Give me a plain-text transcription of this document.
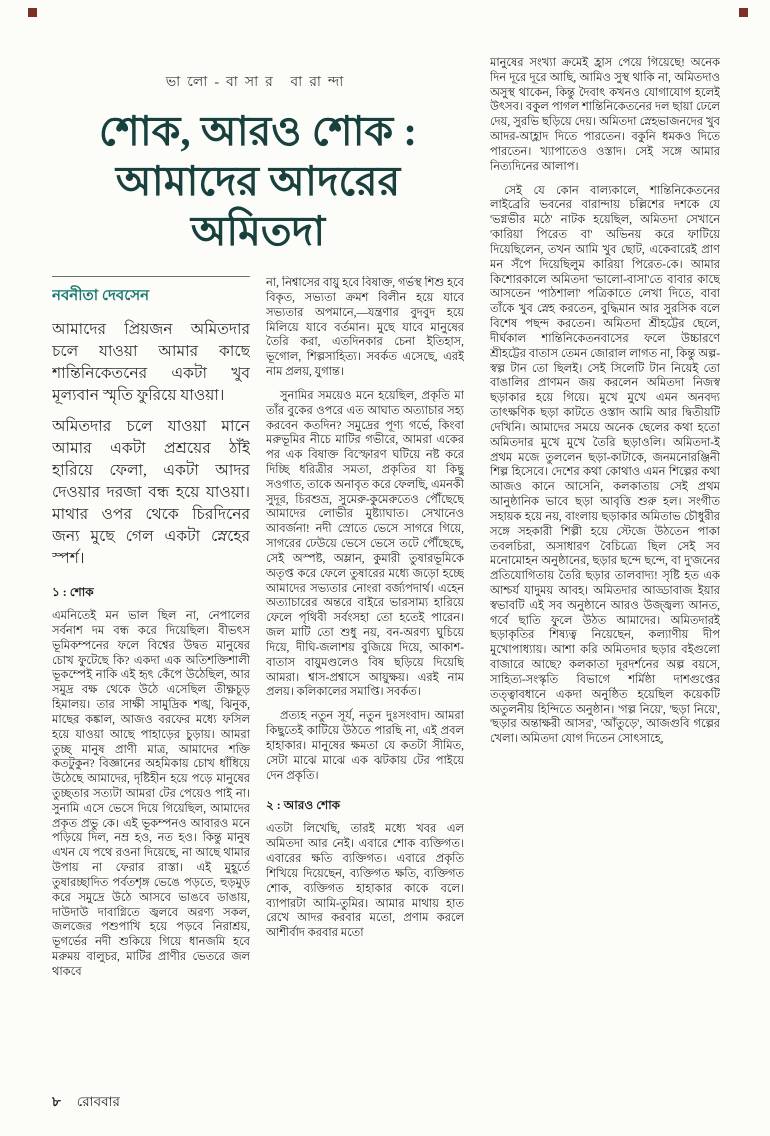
ভালো-বাসার বারান্দা
শোক, আরও শোক :
আমাদের আদরের
অমিতদা
নবনীতা দেবসেন

আমাদের প্রিয়জন অমিতদার চলে যাওয়া আমার কাছে শান্তিনিকেতনের একটা খুব মূল্যবান স্মৃতি ফুরিয়ে যাওয়া।

অমিতদার চলে যাওয়া মানে আমার একটা প্রশ্রয়ের ঠাঁই হারিয়ে ফেলা, একটা আদর দেওয়ার দরজা বন্ধ হয়ে যাওয়া। মাথার ওপর থেকে চিরদিনের জন্য মুছে গেল একটা স্নেহের স্পর্শ।

১ : শোক

এমনিতেই মন ভাল ছিল না, নেপালের সর্বনাশ দম বন্ধ করে দিয়েছিল। বীভৎস ভূমিকম্পনের ফলে বিশ্বের উদ্বত মানুষের চোখ ফুটেছে কি? একদা এক অতিশক্তিশালী ভূকম্পেই নাকি এই হৃৎ কেঁপে উঠেছিল, আর সমুদ্র বক্ষ থেকে উঠে এসেছিল তীক্ষ্ণচূড় হিমালয়। তার সাক্ষী সামুদ্রিক শঙ্খ, ঝিনুক, মাছের কঙ্কাল, আজও বরফের মধ্যে ফসিল হয়ে যাওয়া আছে পাহাড়ের চুড়ায়। আমরা তুচ্ছ মানুষ প্রাণী মাত্র, আমাদের শক্তি কতটুকুন? বিজ্ঞানের অহমিকায় চোখ ধাঁধিয়ে উঠেছে আমাদের, দৃষ্টিহীন হয়ে পড়ে মানুষের তুচ্ছতার সত্যটা আমরা টের পেয়েও পাই না। সুনামি এসে ভেসে দিয়ে গিয়েছিল, আমাদের প্রকৃত প্রভু কে। এই ভূকম্পনও আবারও মনে পড়িয়ে দিল, নম্র হও, নত হও। কিন্তু মানুষ এখন যে পথে রওনা দিয়েছে, না আছে থামার উপায় না ফেরার রাস্তা। এই মুহূর্তে তুষারচ্ছাদিত পর্বতশৃঙ্গ ভেঙে পড়তে, হুড়মুড় করে সমুদ্রে উঠে আসবে ভাঙবে ডাঙায়, দাউদাউ দাবাগ্নিতে জ্বলবে অরণ্য সকল, জলজের পশুপাখি হয়ে পড়বে নিরাশ্রয়, ভূগর্ভের নদী শুকিয়ে গিয়ে ধানজমি হবে মরুময় বালুচর, মাটির প্রাণীর ভেতরে জল থাকবে

না, নিশ্বাসের বায়ু হবে বিষাক্ত, গর্ভস্থ শিশু হবে বিকৃত, সভ্যতা ক্রমশ বিলীন হয়ে যাবে সভ্যতার অপমানে,—যন্ত্রণার বুদবুদ হয়ে মিলিয়ে যাবে বর্তমান। মুছে যাবে মানুষের তৈরি করা, এতদিনকার চেনা ইতিহাস, ভূগোল, শিল্পসাহিত্য। সবর্কত এসেছে, এরই নাম প্রলয়, যুগান্ত।

সুনামির সময়েও মনে হয়েছিল, প্রকৃতি মা তাঁর বুকের ওপরে এত আঘাত অত্যাচার সহ্য করবেন কতদিন? সমুদ্রের পূণ্য গর্ভে, কিংবা মরুভূমির নীচে মাটির গভীরে, আমরা একের পর এক বিষাক্ত বিস্ফোরণ ঘটিয়ে নষ্ট করে দিচ্ছি ধরিত্রীর সমতা, প্রকৃতির যা কিছু সওগাত, তাকে অনাবৃত করে ফেলছি, এমনকী সুদূর, চিরশুভ্র, সুমেরু-কুমেরুতেও পৌঁছেছে আমাদের লোভীর মুষ্ট্যাঘাত। সেখানেও আবর্জনা! নদী স্রোতে ভেসে সাগরে গিয়ে, সাগরের ঢেউয়ে ভেসে ভেসে তটে পৌঁছেছে, সেই অস্পষ্ট, অম্লান, কুমারী তুষারভূমিকে অতৃপ্ত করে ফেলে তুষারের মধ্যে জড়ো হচ্ছে আমাদের সভ্যতার নোংরা বর্জ্যপদার্থ। এহেন অত্যাচারের অন্তরে বাইরে ভারসাম্য হারিয়ে ফেলে পৃথিবী সর্বংসহা তো হতেই পারেন। জল মাটি তো শুধু নয়, বন-অরণ্য ঘুচিয়ে দিয়ে, দীঘি-জলাশয় বুজিয়ে দিয়ে, আকাশ-বাতাস বায়ুমণ্ডলেও বিষ ছড়িয়ে দিয়েছি আমরা। শ্বাস-প্রশ্বাসে আয়ুক্ষয়। এরই নাম প্রলয়। কলিকালের সমাপ্তি। সবর্কত।

প্রত্যহ নতুন সূর্য, নতুন দুঃসংবাদ। আমরা কিছুতেই কাটিয়ে উঠতে পারছি না, এই প্রবল হাহাকার। মানুষের ক্ষমতা যে কতটা সীমিত, সেটা মাঝে মাঝে এক ঝটকায় টের পাইয়ে দেন প্রকৃতি।

২ : আরও শোক

এতটা লিখেছি, তারই মধ্যে খবর এল অমিতদা আর নেই। এবারে শোক ব্যক্তিগত। এবারের ক্ষতি ব্যক্তিগত। এবারে প্রকৃতি শিখিয়ে দিয়েছেন, ব্যক্তিগত ক্ষতি, ব্যক্তিগত শোক, ব্যক্তিগত হাহাকার কাকে বলে। ব্যাপারটা আমি-তুমির। আমার মাথায় হাত রেখে আদর করবার মতো, প্রণাম করলে আশীর্বাদ করবার মতো

মানুষের সংখ্যা ক্রমেই হ্রাস পেয়ে গিয়েছে! অনেক দিন দূরে দূরে আছি, আমিও সুস্থ থাকি না, অমিতদাও অসুস্থ থাকেন, কিন্তু দৈবাৎ কখনও যোগাযোগ হলেই উৎসব। বকুল পাগল শান্তিনিকেতনের দল ছায়া ঢেলে দেয়, সুরভি ছড়িয়ে দেয়। অমিতদা স্নেহভাজনদের খুব আদর-আহ্লাদ দিতে পারতেন। বকুনি ধমকও দিতে পারতেন। খ্যাপাতেও ওস্তাদ। সেই সঙ্গে আমার নিত্যদিনের আলাপ।

সেই যে কোন বাল্যকালে, শান্তিনিকেতনের লাইব্রেরি ভবনের বারান্দায় চল্লিশের দশকে যে 'ভগ্নভীর মঠে' নাটক হয়েছিল, অমিতদা সেখানে 'কারিয়া পিরেত বা' অভিনয় করে ফাটিয়ে দিয়েছিলেন, তখন আমি খুব ছোট, একেবারেই প্রাণ মন সঁপে দিয়েছিলুম কারিয়া পিরেত-কে। আমার কিশোরকালে অমিতদা 'ভালো-বাসা'তে বাবার কাছে আসতেন 'পাঠশালা' পত্রিকাতে লেখা দিতে, বাবা তাঁকে খুব স্নেহ করতেন, বুদ্ধিমান আর সুরসিক বলে বিশেষ পছন্দ করতেন। অমিতদা শ্রীহট্টের ছেলে, দীর্ঘকাল শান্তিনিকেতনবাসের ফলে উচ্চারণে শ্রীহট্টের বাতাস তেমন জোরাল লাগত না, কিন্তু অল্প-স্বল্প টান তো ছিলই। সেই সিলেটি টান নিয়েই তো বাঙালির প্রাণমন জয় করলেন অমিতদা নিজস্ব ছড়াকার হয়ে গিয়ে। মুখে মুখে এমন অনবদ্য তাৎক্ষণিক ছড়া কাটতে ওস্তাদ আমি আর দ্বিতীয়টি দেখিনি। আমাদের সময়ে অনেক ছেলের কথা হতো অমিতদার মুখে মুখে তৈরি ছড়াওলি। অমিতদা-ই প্রথম মজে তুললেন ছড়া-কাটাকে, জনমনোরঞ্জিনী শিল্প হিসেবে। দেশের কথা কোথাও এমন শিল্পের কথা আজও কানে আসেনি, কলকাতায় সেই প্রথম আনুষ্ঠানিক ভাবে ছড়া আবৃত্তি শুরু হল। সংগীত সহায়ক হয়ে নয়, বাংলায় ছড়াকার অমিতাভ চৌধুরীর সঙ্গে সহকারী শিল্পী হয়ে স্টেজে উঠতেন পাকা তবলচিরা, অসাধারণ বৈচিত্র্যে ছিল সেই সব মনোমোহন অনুষ্ঠানের, ছড়ার ছন্দে ছন্দে, বা দু'জনের প্রতিযোগিতায় তৈরি ছড়ার তালবাদ্য! সৃষ্টি হত এক আশ্চর্য যাদুময় আবহ। অমিতদার আড্ডাবাজ ইয়ার স্বভাবটি এই সব অনুষ্ঠানে আরও উজ্জ্বল্য আনত, গর্বে ছাতি ফুলে উঠত আমাদের। অমিতদারই ছড়াকৃতির শিষ্যত্ব নিয়েছেন, কল্যাণীয় দীপ মুখোপাধ্যায়। আশা করি অমিতদার ছড়ার বইগুলো বাজারে আছে? কলকাতা দূরদর্শনের অল্প বয়সে, সাহিত্য-সংস্কৃতি বিভাগে শর্মিষ্ঠা দাশগুপ্তের তত্ত্বাবধানে একদা অনুষ্ঠিত হয়েছিল কয়েকটি অতুলনীয় হিন্দিতে অনুষ্ঠান। 'গল্প নিয়ে', 'ছড়া নিয়ে', 'ছড়ার অন্তাক্ষরী আসর', 'আঁতুড়ে', আজগুবি গল্পের খেলা। অমিতদা যোগ দিতেন সোৎসাহে,

৮ রোববার
